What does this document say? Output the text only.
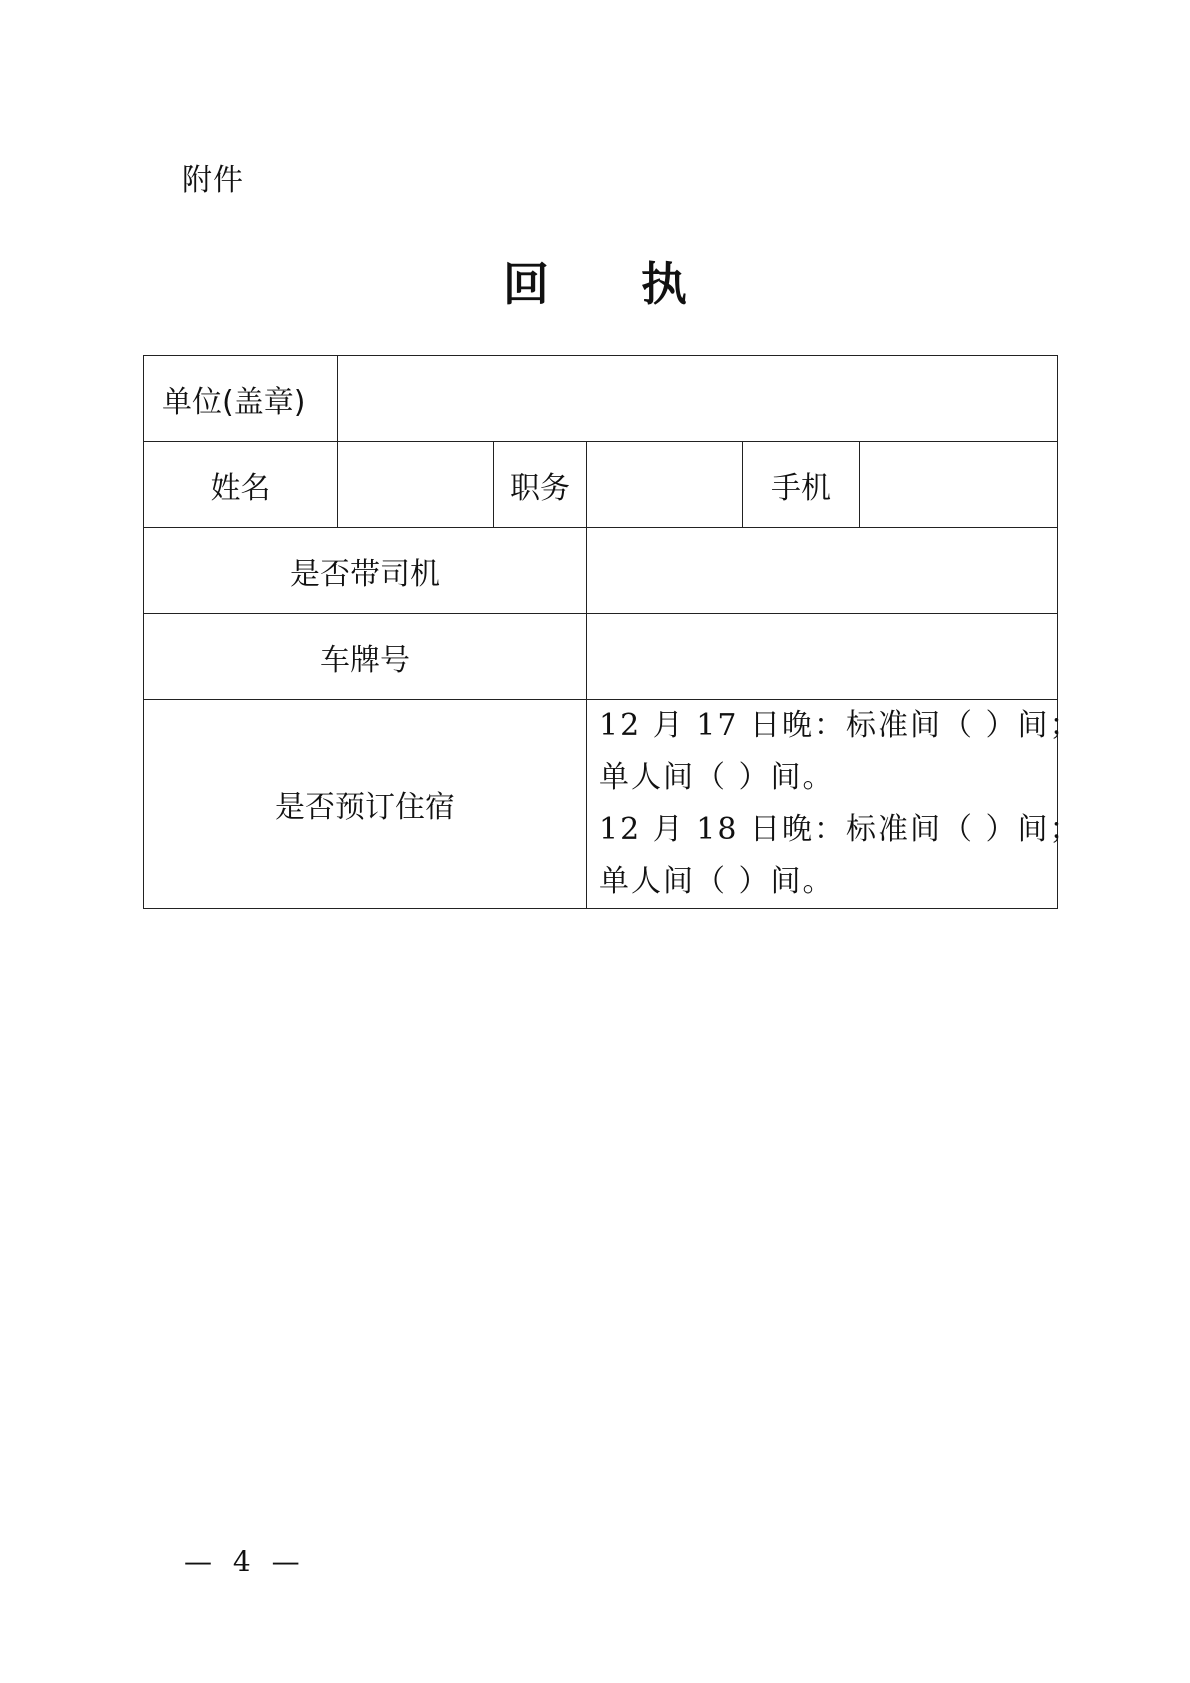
附件
回 执
单位(盖章)					
姓名		职务		手机	
是否带司机					
车牌号					
是否预订住宿			12 月 17 日晚：标准间（ ）间；
单人间（ ）间。
12 月 18 日晚：标准间（ ）间；
单人间（ ）间。		
— 4 —
